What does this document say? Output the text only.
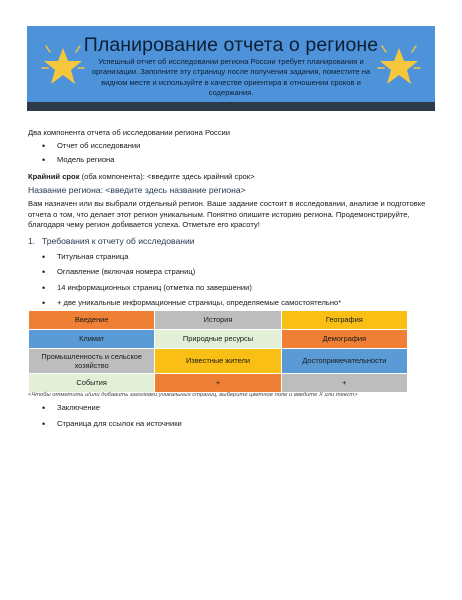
Планирование отчета о регионе
Успешный отчет об исследовании региона России требует планирования и организации. Заполните эту страницу после получения задания, поместите на видном месте и используйте в качестве ориентира в отношении сроков и содержания.
Два компонента отчета об исследовании региона России
Отчет об исследовании
Модель региона
Крайний срок (оба компонента): <введите здесь крайний срок>
Название региона: <введите здесь название региона>
Вам назначен или вы выбрали отдельный регион. Ваше задание состоит в исследовании, анализе и подготовке отчета о том, что делает этот регион уникальным. Понятно опишите историю региона. Продемонстрируйте, благодаря чему регион добивается успеха. Отметьте его красоту!
1. Требования к отчету об исследовании
Титульная страница
Оглавление (включая номера страниц)
14 информационных страниц (отметка по завершении)
+ две уникальные информационные страницы, определяемые самостоятельно*
Заключение
Страница для ссылок на источники
Введение	История	География
Климат	Природные ресурсы	Демография
Промышленность и сельское хозяйство	Известные жители	Достопримечательности
События	+	+
<Чтобы отметить и/или добавить заголовки уникальных страниц, выберите цветное поле и введите X или текст>
